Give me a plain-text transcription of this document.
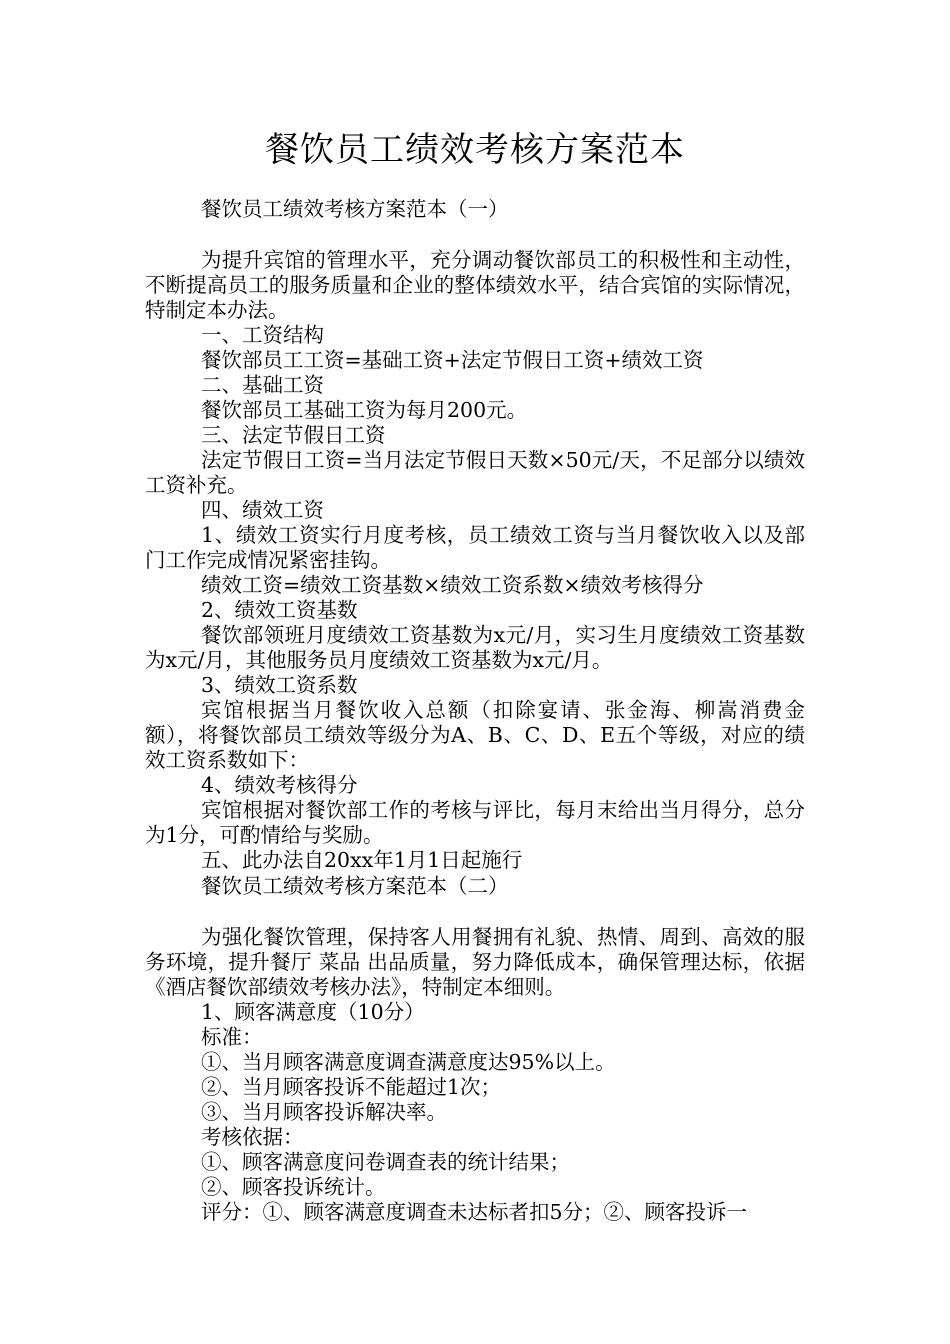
餐饮员工绩效考核方案范本

餐饮员工绩效考核方案范本（一）

为提升宾馆的管理水平，充分调动餐饮部员工的积极性和主动性，不断提高员工的服务质量和企业的整体绩效水平，结合宾馆的实际情况，特制定本办法。

一、工资结构

餐饮部员工工资=基础工资+法定节假日工资+绩效工资

二、基础工资

餐饮部员工基础工资为每月200元。

三、法定节假日工资

法定节假日工资=当月法定节假日天数×50元/天，不足部分以绩效工资补充。

四、绩效工资

1、绩效工资实行月度考核，员工绩效工资与当月餐饮收入以及部门工作完成情况紧密挂钩。

绩效工资=绩效工资基数×绩效工资系数×绩效考核得分

2、绩效工资基数

餐饮部领班月度绩效工资基数为x元/月，实习生月度绩效工资基数为x元/月，其他服务员月度绩效工资基数为x元/月。

3、绩效工资系数

宾馆根据当月餐饮收入总额（扣除宴请、张金海、柳嵩消费金额），将餐饮部员工绩效等级分为A、B、C、D、E五个等级，对应的绩效工资系数如下：

4、绩效考核得分

宾馆根据对餐饮部工作的考核与评比，每月末给出当月得分，总分为1分，可酌情给与奖励。

五、此办法自20xx年1月1日起施行

餐饮员工绩效考核方案范本（二）

为强化餐饮管理，保持客人用餐拥有礼貌、热情、周到、高效的服务环境，提升餐厅 菜品 出品质量，努力降低成本，确保管理达标，依据《酒店餐饮部绩效考核办法》，特制定本细则。

1、顾客满意度（10分）

标准：

①、当月顾客满意度调查满意度达95%以上。

②、当月顾客投诉不能超过1次；

③、当月顾客投诉解决率。

考核依据：

①、顾客满意度问卷调查表的统计结果；

②、顾客投诉统计。

评分：①、顾客满意度调查未达标者扣5分；②、顾客投诉一
